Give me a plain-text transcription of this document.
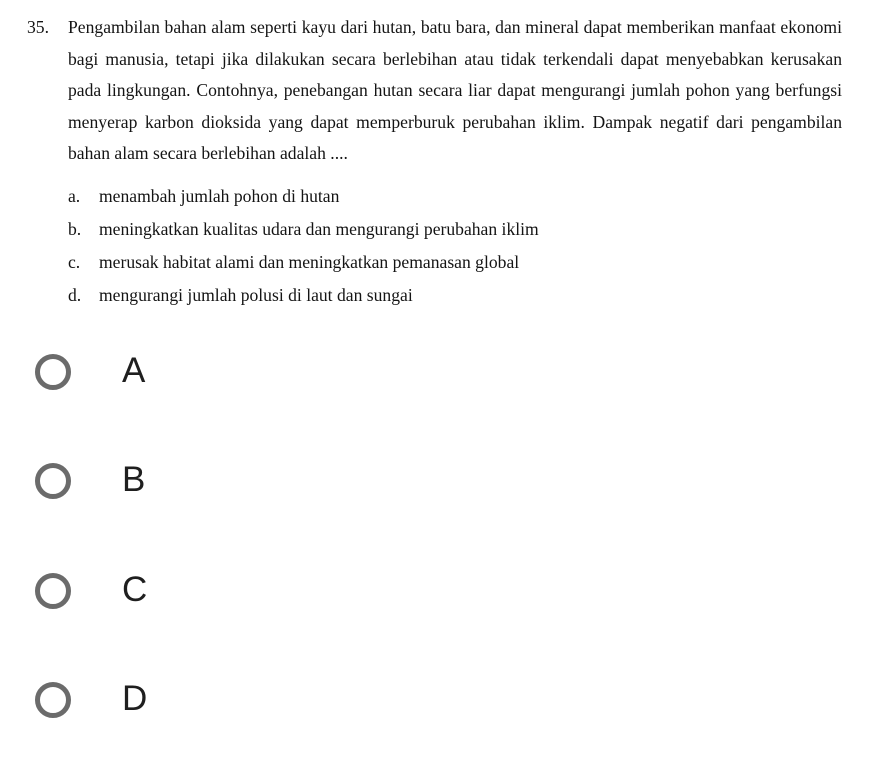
35. Pengambilan bahan alam seperti kayu dari hutan, batu bara, dan mineral dapat memberikan manfaat ekonomi bagi manusia, tetapi jika dilakukan secara berlebihan atau tidak terkendali dapat menyebabkan kerusakan pada lingkungan. Contohnya, penebangan hutan secara liar dapat mengurangi jumlah pohon yang berfungsi menyerap karbon dioksida yang dapat memperburuk perubahan iklim. Dampak negatif dari pengambilan bahan alam secara berlebihan adalah ....

a. menambah jumlah pohon di hutan
b. meningkatkan kualitas udara dan mengurangi perubahan iklim
c. merusak habitat alami dan meningkatkan pemanasan global
d. mengurangi jumlah polusi di laut dan sungai
A
B
C
D
